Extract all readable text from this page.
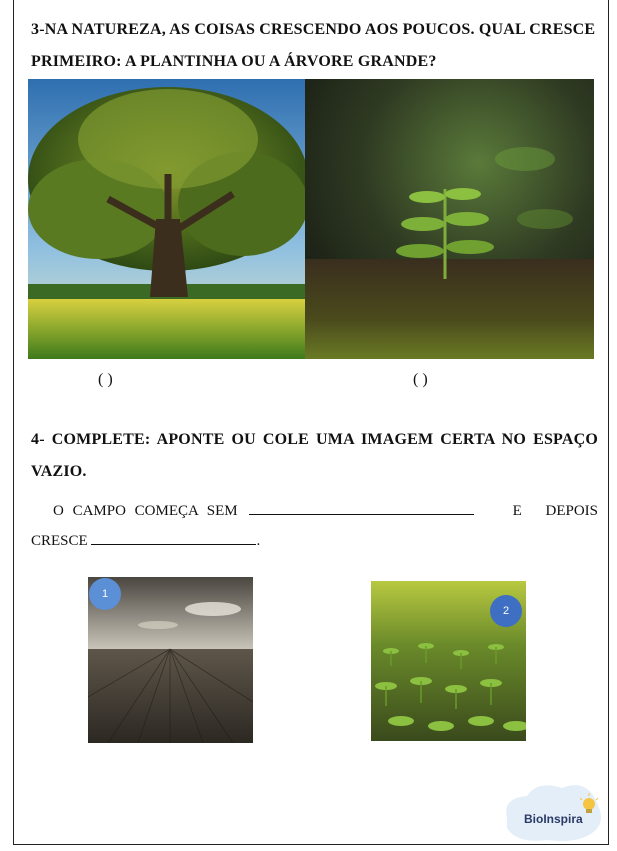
3-NA NATUREZA, AS COISAS CRESCENDO AOS POUCOS. QUAL CRESCE PRIMEIRO: A PLANTINHA OU A ÁRVORE GRANDE?
( )	( )
4- COMPLETE: APONTE OU COLE UMA IMAGEM CERTA NO ESPAÇO VAZIO.
O CAMPO COMEÇA SEM	E DEPOIS
CRESCE	.
1
2
BioInspira
